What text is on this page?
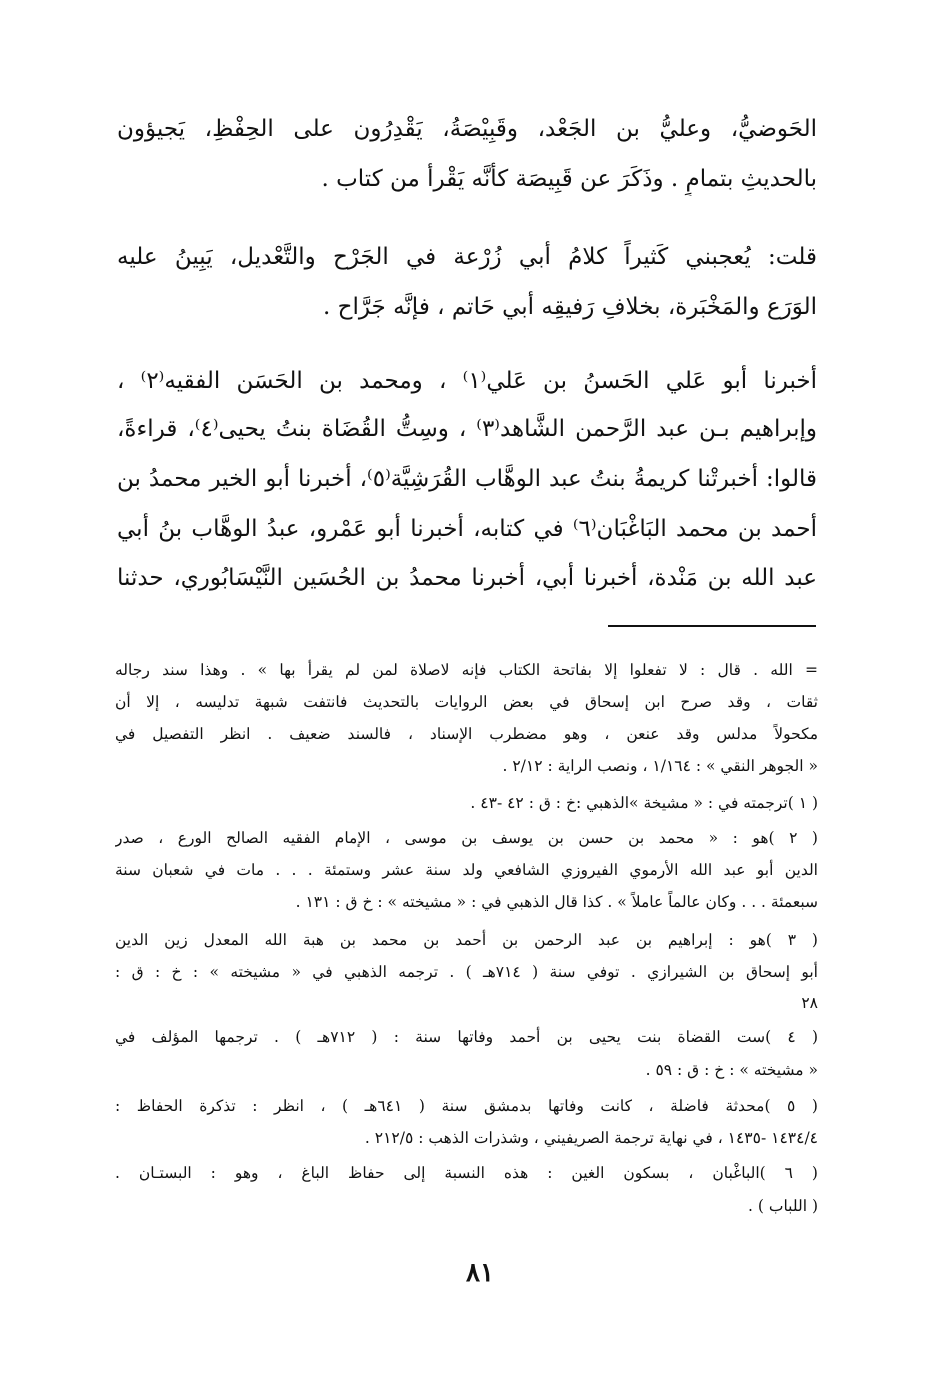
الحَوضيُّ، وعليُّ بن الجَعْد، وقَبِيْصَةُ، يَقْدِرُون على الحِفْظِ، يَجيؤون
بالحديثِ بتمامٍ . وذَكَرَ عن قَبِيصَة كأنَّه يَقْرأ من كتاب .
قلت: يُعجبني كَثيراً كلامُ أبي زُرْعة في الجَرْح والتَّعْديل، يَبِينُ عليه
الوَرَع والمَخْبَرة، بخلافِ رَفيقِه أبي حَاتم ، فإنَّه جَرَّاح .
أخبرنا أبو عَلي الحَسنُ بن عَلي⁽١⁾ ، ومحمد بن الحَسَن الفقيه⁽٢⁾ ،
وإبراهيم بـن عبد الرَّحمن الشَّاهد⁽٣⁾ ، وسِتُّ القُضَاة بنتُ يحيى⁽٤⁾، قراءةً،
قالوا: أخبرتْنا كريمةُ بنتُ عبد الوهَّاب القُرَشِيَّة⁽٥⁾، أخبرنا أبو الخير محمدُ بن
أحمد بن محمد البَاغْبَان⁽٦⁾ في كتابه، أخبرنا أبو عَمْرو، عبدُ الوهَّاب بنُ أبي
عبد الله بن مَنْدة، أخبرنا أبي، أخبرنا محمدُ بن الحُسَين النَّيْسَابُوري، حدثنا
= الله . قال : لا تفعلوا إلا بفاتحة الكتاب فإنه لاصلاة لمن لم يقرأ بها » . وهذا سند رجاله
ثقات ، وقد صرح ابن إسحاق في بعض الروايات بالتحديث فانتفت شبهة تدليسه ، إلا أن
مكحولاً مدلس وقد عنعن ، وهو مضطرب الإسناد ، فالسند ضعيف . انظر التفصيل في
« الجوهر النقي » : ١/١٦٤ ، ونصب الراية : ٢/١٢ .
( ١ )ترجمته في : « مشيخة »الذهبي :خ : ق : ٤٢ -٤٣ .
( ٢ )هو : « محمد بن حسن بن يوسف بن موسى ، الإمام الفقيه الصالح الورع ، صدر
الدين أبو عبد الله الأرموي الفيروزي الشافعي ولد سنة عشر وستمئة . . . مات في شعبان سنة
سبعمئة . . . وكان عالماً عاملاً » . كذا قال الذهبي في : « مشيخته » : خ ق : ١٣١ .
( ٣ )هو : إبراهيم بن عبد الرحمن بن أحمد بن محمد بن هبة الله المعدل زين الدين
أبو إسحاق بن الشيرازي . توفي سنة ( ٧١٤هـ ) . ترجمه الذهبي في « مشيخته » : خ : ق :
٢٨
( ٤ )ست القضاة بنت يحيى بن أحمد وفاتها سنة : ( ٧١٢هـ ) . ترجمها المؤلف في
« مشيخته » : خ : ق : ٥٩ .
( ٥ )محدثة فاضلة ، كانت وفاتها بدمشق سنة ( ٦٤١هـ ) ، انظر : تذكرة الحفاظ :
١٤٣٤/٤ -١٤٣٥ ، في نهاية ترجمة الصريفيني ، وشذرات الذهب : ٢١٢/٥ .
( ٦ )الباغْبان ، بسكون الغين : هذه النسبة إلى حفاظ الباغ ، وهو : البستـان .
( اللباب ) .
٨١
